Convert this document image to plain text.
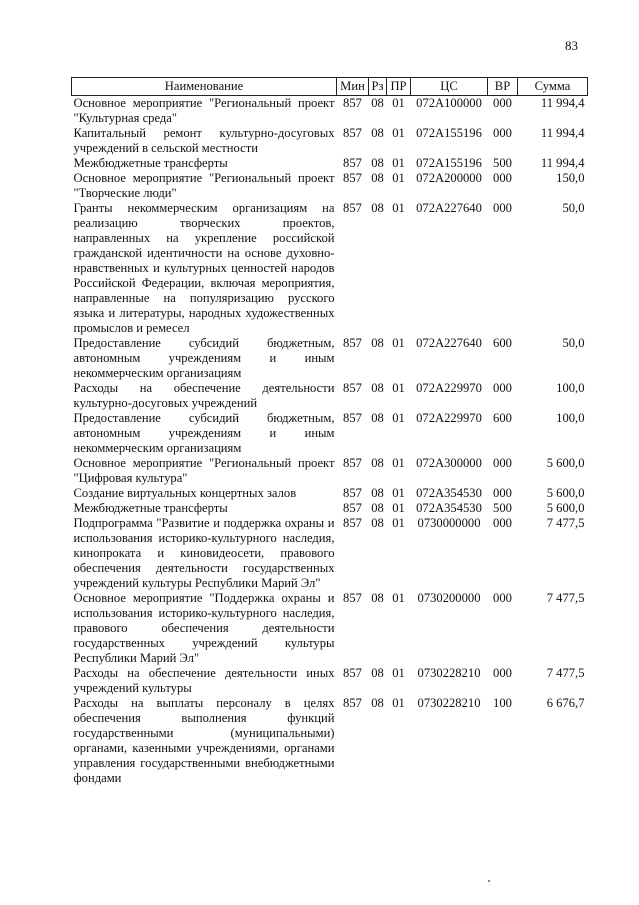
83
Наименование	Мин	Рз	ПР	ЦС	ВР	Сумма
Основное мероприятие "Региональный проект "Культурная среда"	857	08	01	072A100000	000	11 994,4
Капитальный ремонт культурно-досуговых учреждений в сельской местности	857	08	01	072A155196	000	11 994,4
Межбюджетные трансферты	857	08	01	072A155196	500	11 994,4
Основное мероприятие "Региональный проект "Творческие люди"	857	08	01	072A200000	000	150,0
Гранты некоммерческим организациям на реализацию творческих проектов, направленных на укрепление российской гражданской идентичности на основе духовно-нравственных и культурных ценностей народов Российской Федерации, включая мероприятия, направленные на популяризацию русского языка и литературы, народных художественных промыслов и ремесел	857	08	01	072A227640	000	50,0
Предоставление субсидий бюджетным, автономным учреждениям и иным некоммерческим организациям	857	08	01	072A227640	600	50,0
Расходы на обеспечение деятельности культурно-досуговых учреждений	857	08	01	072A229970	000	100,0
Предоставление субсидий бюджетным, автономным учреждениям и иным некоммерческим организациям	857	08	01	072A229970	600	100,0
Основное мероприятие "Региональный проект "Цифровая культура"	857	08	01	072A300000	000	5 600,0
Создание виртуальных концертных залов	857	08	01	072A354530	000	5 600,0
Межбюджетные трансферты	857	08	01	072A354530	500	5 600,0
Подпрограмма "Развитие и поддержка охраны и использования историко-культурного наследия, кинопроката и киновидеосети, правового обеспечения деятельности государственных учреждений культуры Республики Марий Эл"	857	08	01	0730000000	000	7 477,5
Основное мероприятие "Поддержка охраны и использования историко-культурного наследия, правового обеспечения деятельности государственных учреждений культуры Республики Марий Эл"	857	08	01	0730200000	000	7 477,5
Расходы на обеспечение деятельности иных учреждений культуры	857	08	01	0730228210	000	7 477,5
Расходы на выплаты персоналу в целях обеспечения выполнения функций государственными (муниципальными) органами, казенными учреждениями, органами управления государственными внебюджетными фондами	857	08	01	0730228210	100	6 676,7
